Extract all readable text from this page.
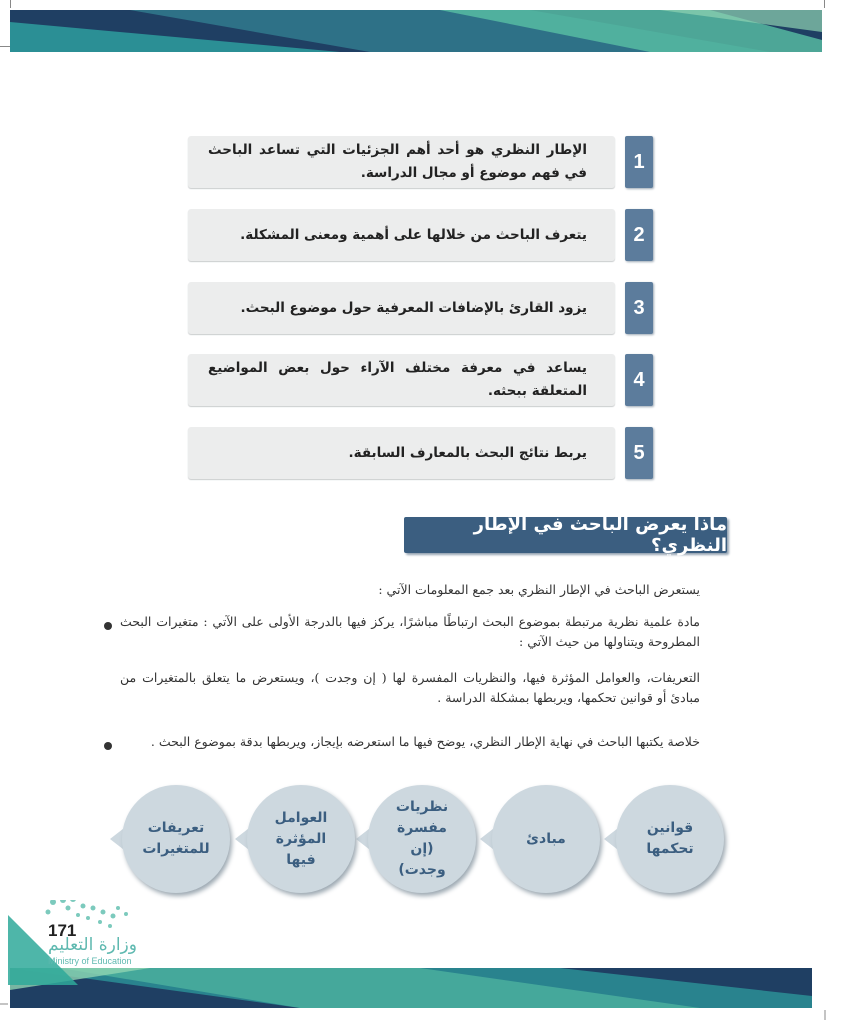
الإطار النظري هو أحد أهم الجزئيات التي تساعد الباحث في فهم موضوع أو مجال الدراسة.
1
يتعرف الباحث من خلالها على أهمية ومعنى المشكلة.	2
يزود القارئ بالإضافات المعرفية حول موضوع البحث.	3
يساعد في معرفة مختلف الآراء حول بعض المواضيع المتعلقة ببحثه.
4
يربط نتائج البحث بالمعارف السابقة.	5
ماذا يعرض الباحث في الإطار النظري؟
يستعرض الباحث في الإطار النظري بعد جمع المعلومات الآتي :
مادة علمية نظرية مرتبطة بموضوع البحث ارتباطًا مباشرًا، يركز فيها بالدرجة الأولى على الآتي : متغيرات البحث المطروحة ويتناولها من حيث الآتي :
التعريفات، والعوامل المؤثرة فيها، والنظريات المفسرة لها ( إن وجدت )، ويستعرض ما يتعلق بالمتغيرات من مبادئ أو قوانين تحكمها، ويربطها بمشكلة الدراسة .
خلاصة يكتبها الباحث في نهاية الإطار النظري، يوضح فيها ما استعرضه بإيجاز، ويربطها بدقة بموضوع البحث .
قوانين تحكمها
مبادئ
نظريات مفسرة (إن وجدت)
العوامل المؤثرة فيها
تعريفات للمتغيرات
171
وزارة التعليم
Ministry of Education
